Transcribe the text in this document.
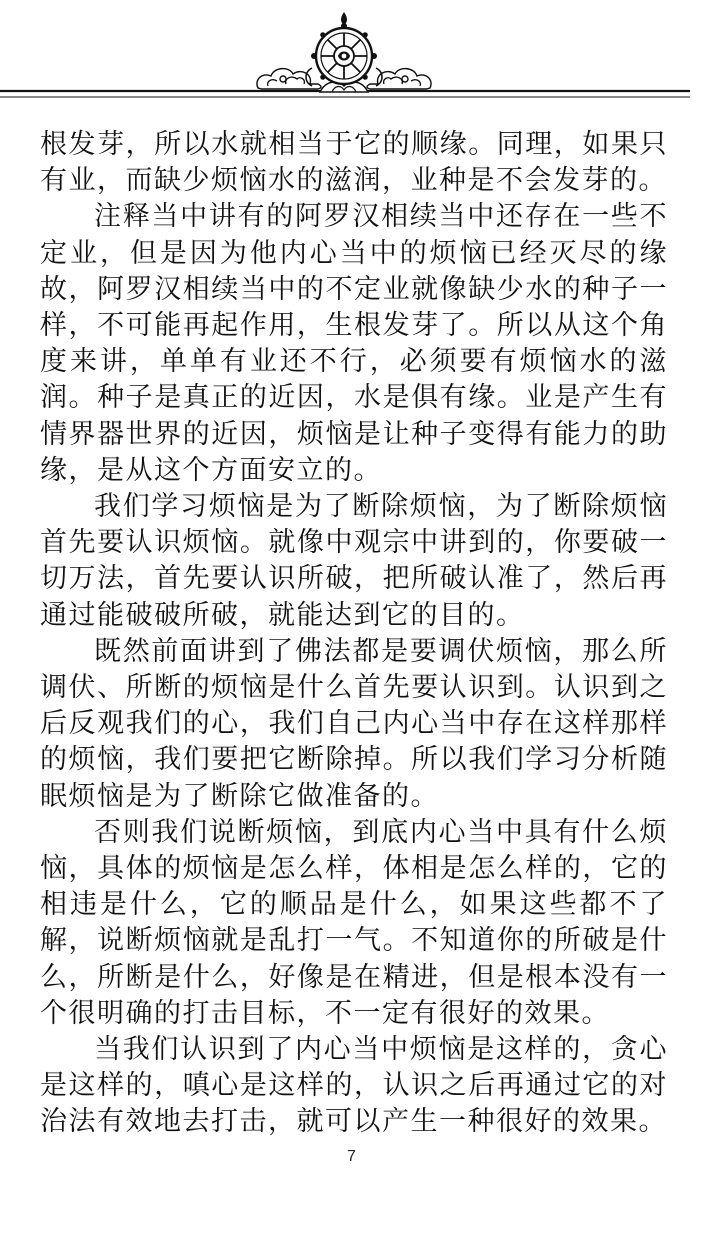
根发芽，所以水就相当于它的顺缘。同理，如果只有业，而缺少烦恼水的滋润，业种是不会发芽的。

注释当中讲有的阿罗汉相续当中还存在一些不定业，但是因为他内心当中的烦恼已经灭尽的缘故，阿罗汉相续当中的不定业就像缺少水的种子一样，不可能再起作用，生根发芽了。所以从这个角度来讲，单单有业还不行，必须要有烦恼水的滋润。种子是真正的近因，水是俱有缘。业是产生有情界器世界的近因，烦恼是让种子变得有能力的助缘，是从这个方面安立的。

我们学习烦恼是为了断除烦恼，为了断除烦恼首先要认识烦恼。就像中观宗中讲到的，你要破一切万法，首先要认识所破，把所破认准了，然后再通过能破破所破，就能达到它的目的。

既然前面讲到了佛法都是要调伏烦恼，那么所调伏、所断的烦恼是什么首先要认识到。认识到之后反观我们的心，我们自己内心当中存在这样那样的烦恼，我们要把它断除掉。所以我们学习分析随眠烦恼是为了断除它做准备的。

否则我们说断烦恼，到底内心当中具有什么烦恼，具体的烦恼是怎么样，体相是怎么样的，它的相违是什么，它的顺品是什么，如果这些都不了解，说断烦恼就是乱打一气。不知道你的所破是什么，所断是什么，好像是在精进，但是根本没有一个很明确的打击目标，不一定有很好的效果。

当我们认识到了内心当中烦恼是这样的，贪心是这样的，嗔心是这样的，认识之后再通过它的对治法有效地去打击，就可以产生一种很好的效果。

7
